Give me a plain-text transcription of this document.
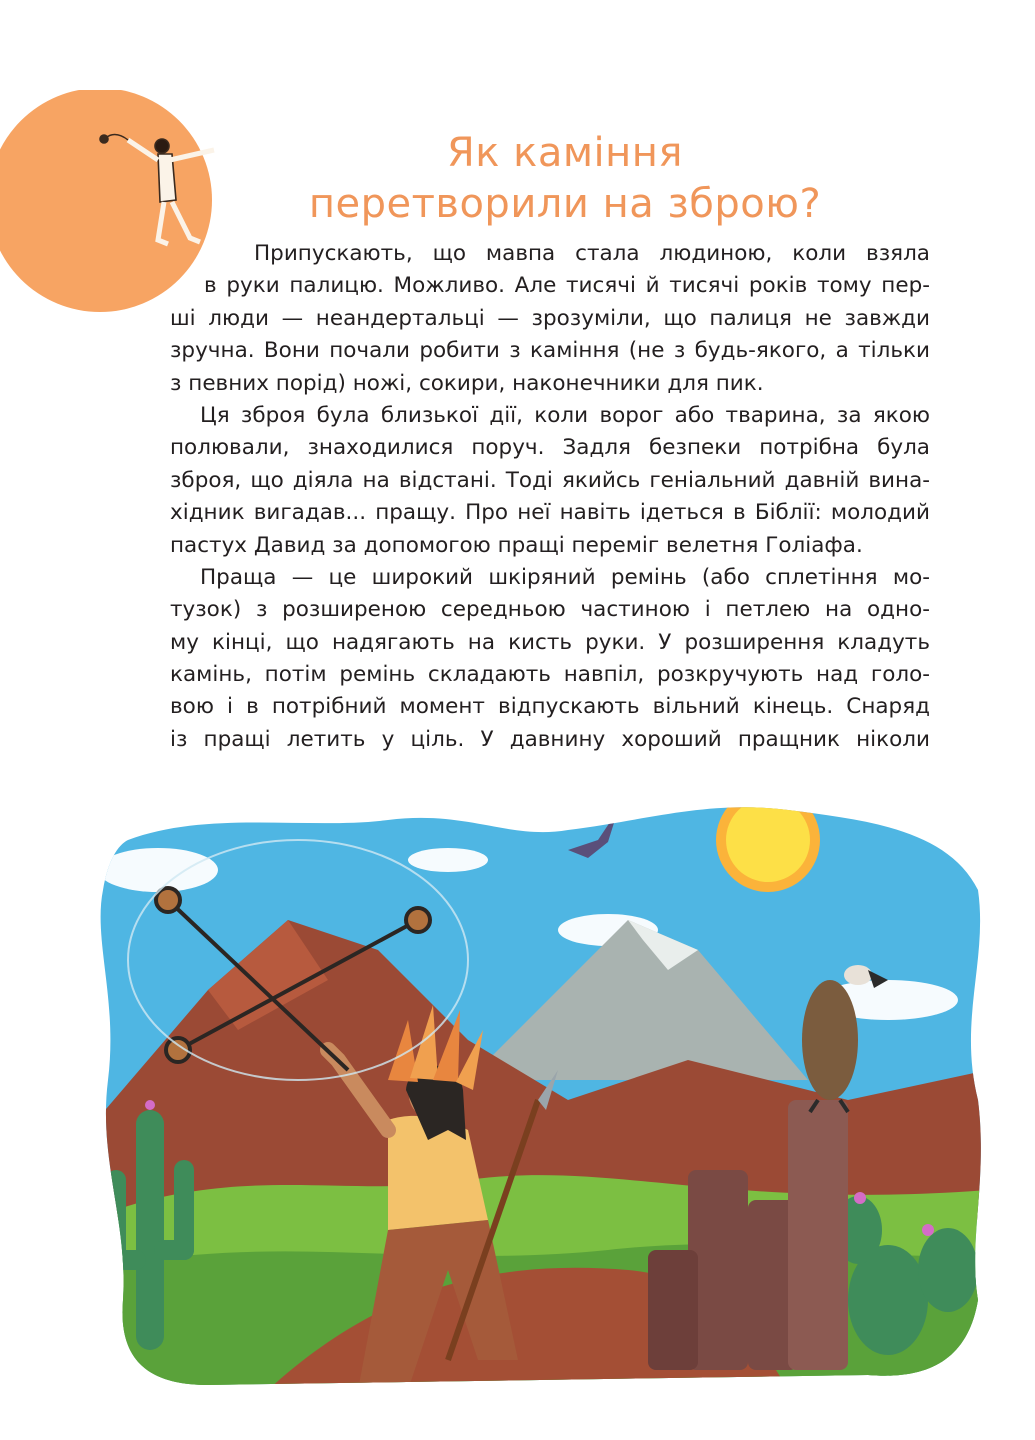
Як каміння
перетворили на зброю?
Припускають, що мавпа стала людиною, коли взяла
в руки палицю. Можливо. Але тисячі й тисячі років тому пер-
ші люди — неандертальці — зрозуміли, що палиця не завжди
зручна. Вони почали робити з каміння (не з будь-якого, а тільки
з певних порід) ножі, сокири, наконечники для пик.
Ця зброя була близької дії, коли ворог або тварина, за якою
полювали, знаходилися поруч. Задля безпеки потрібна була
зброя, що діяла на відстані. Тоді якийсь геніальний давній вина-
хідник вигадав... пращу. Про неї навіть ідеться в Біблії: молодий
пастух Давид за допомогою пращі переміг велетня Голіафа.
Праща — це широкий шкіряний ремінь (або сплетіння мо-
тузок) з розширеною середньою частиною і петлею на одно-
му кінці, що надягають на кисть руки. У розширення кладуть
камінь, потім ремінь складають навпіл, розкручують над голо-
вою і в потрібний момент відпускають вільний кінець. Снаряд
із пращі летить у ціль. У давнину хороший пращник ніколи
